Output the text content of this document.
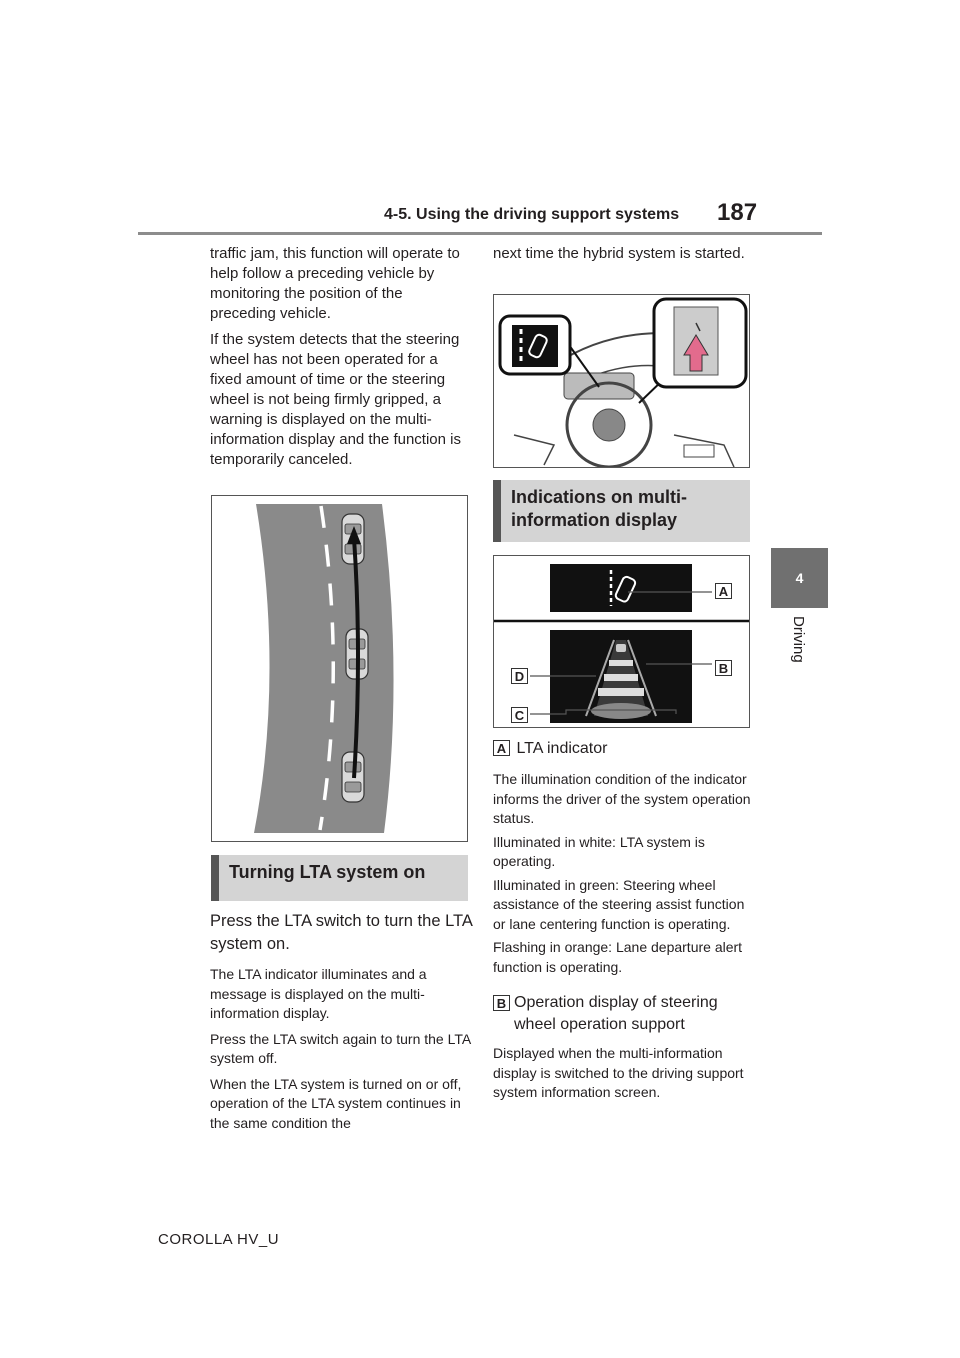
4-5. Using the driving support systems 187
4
Driving

traffic jam, this function will operate to help follow a preceding vehicle by monitoring the position of the preceding vehicle.

If the system detects that the steering wheel has not been operated for a fixed amount of time or the steering wheel is not being firmly gripped, a warning is displayed on the multi-information display and the function is temporarily canceled.

Turning LTA system on

Press the LTA switch to turn the LTA system on.

The LTA indicator illuminates and a message is displayed on the multi-information display.

Press the LTA switch again to turn the LTA system off.

When the LTA system is turned on or off, operation of the LTA system continues in the same condition the

next time the hybrid system is started.

Indications on multi-information display
A
B
C
D
A LTA indicator

The illumination condition of the indicator informs the driver of the system operation status.

Illuminated in white: LTA system is operating.

Illuminated in green: Steering wheel assistance of the steering assist function or lane centering function is operating.

Flashing in orange: Lane departure alert function is operating.

B Operation display of steering wheel operation support

Displayed when the multi-information display is switched to the driving support system information screen.

COROLLA HV_U
